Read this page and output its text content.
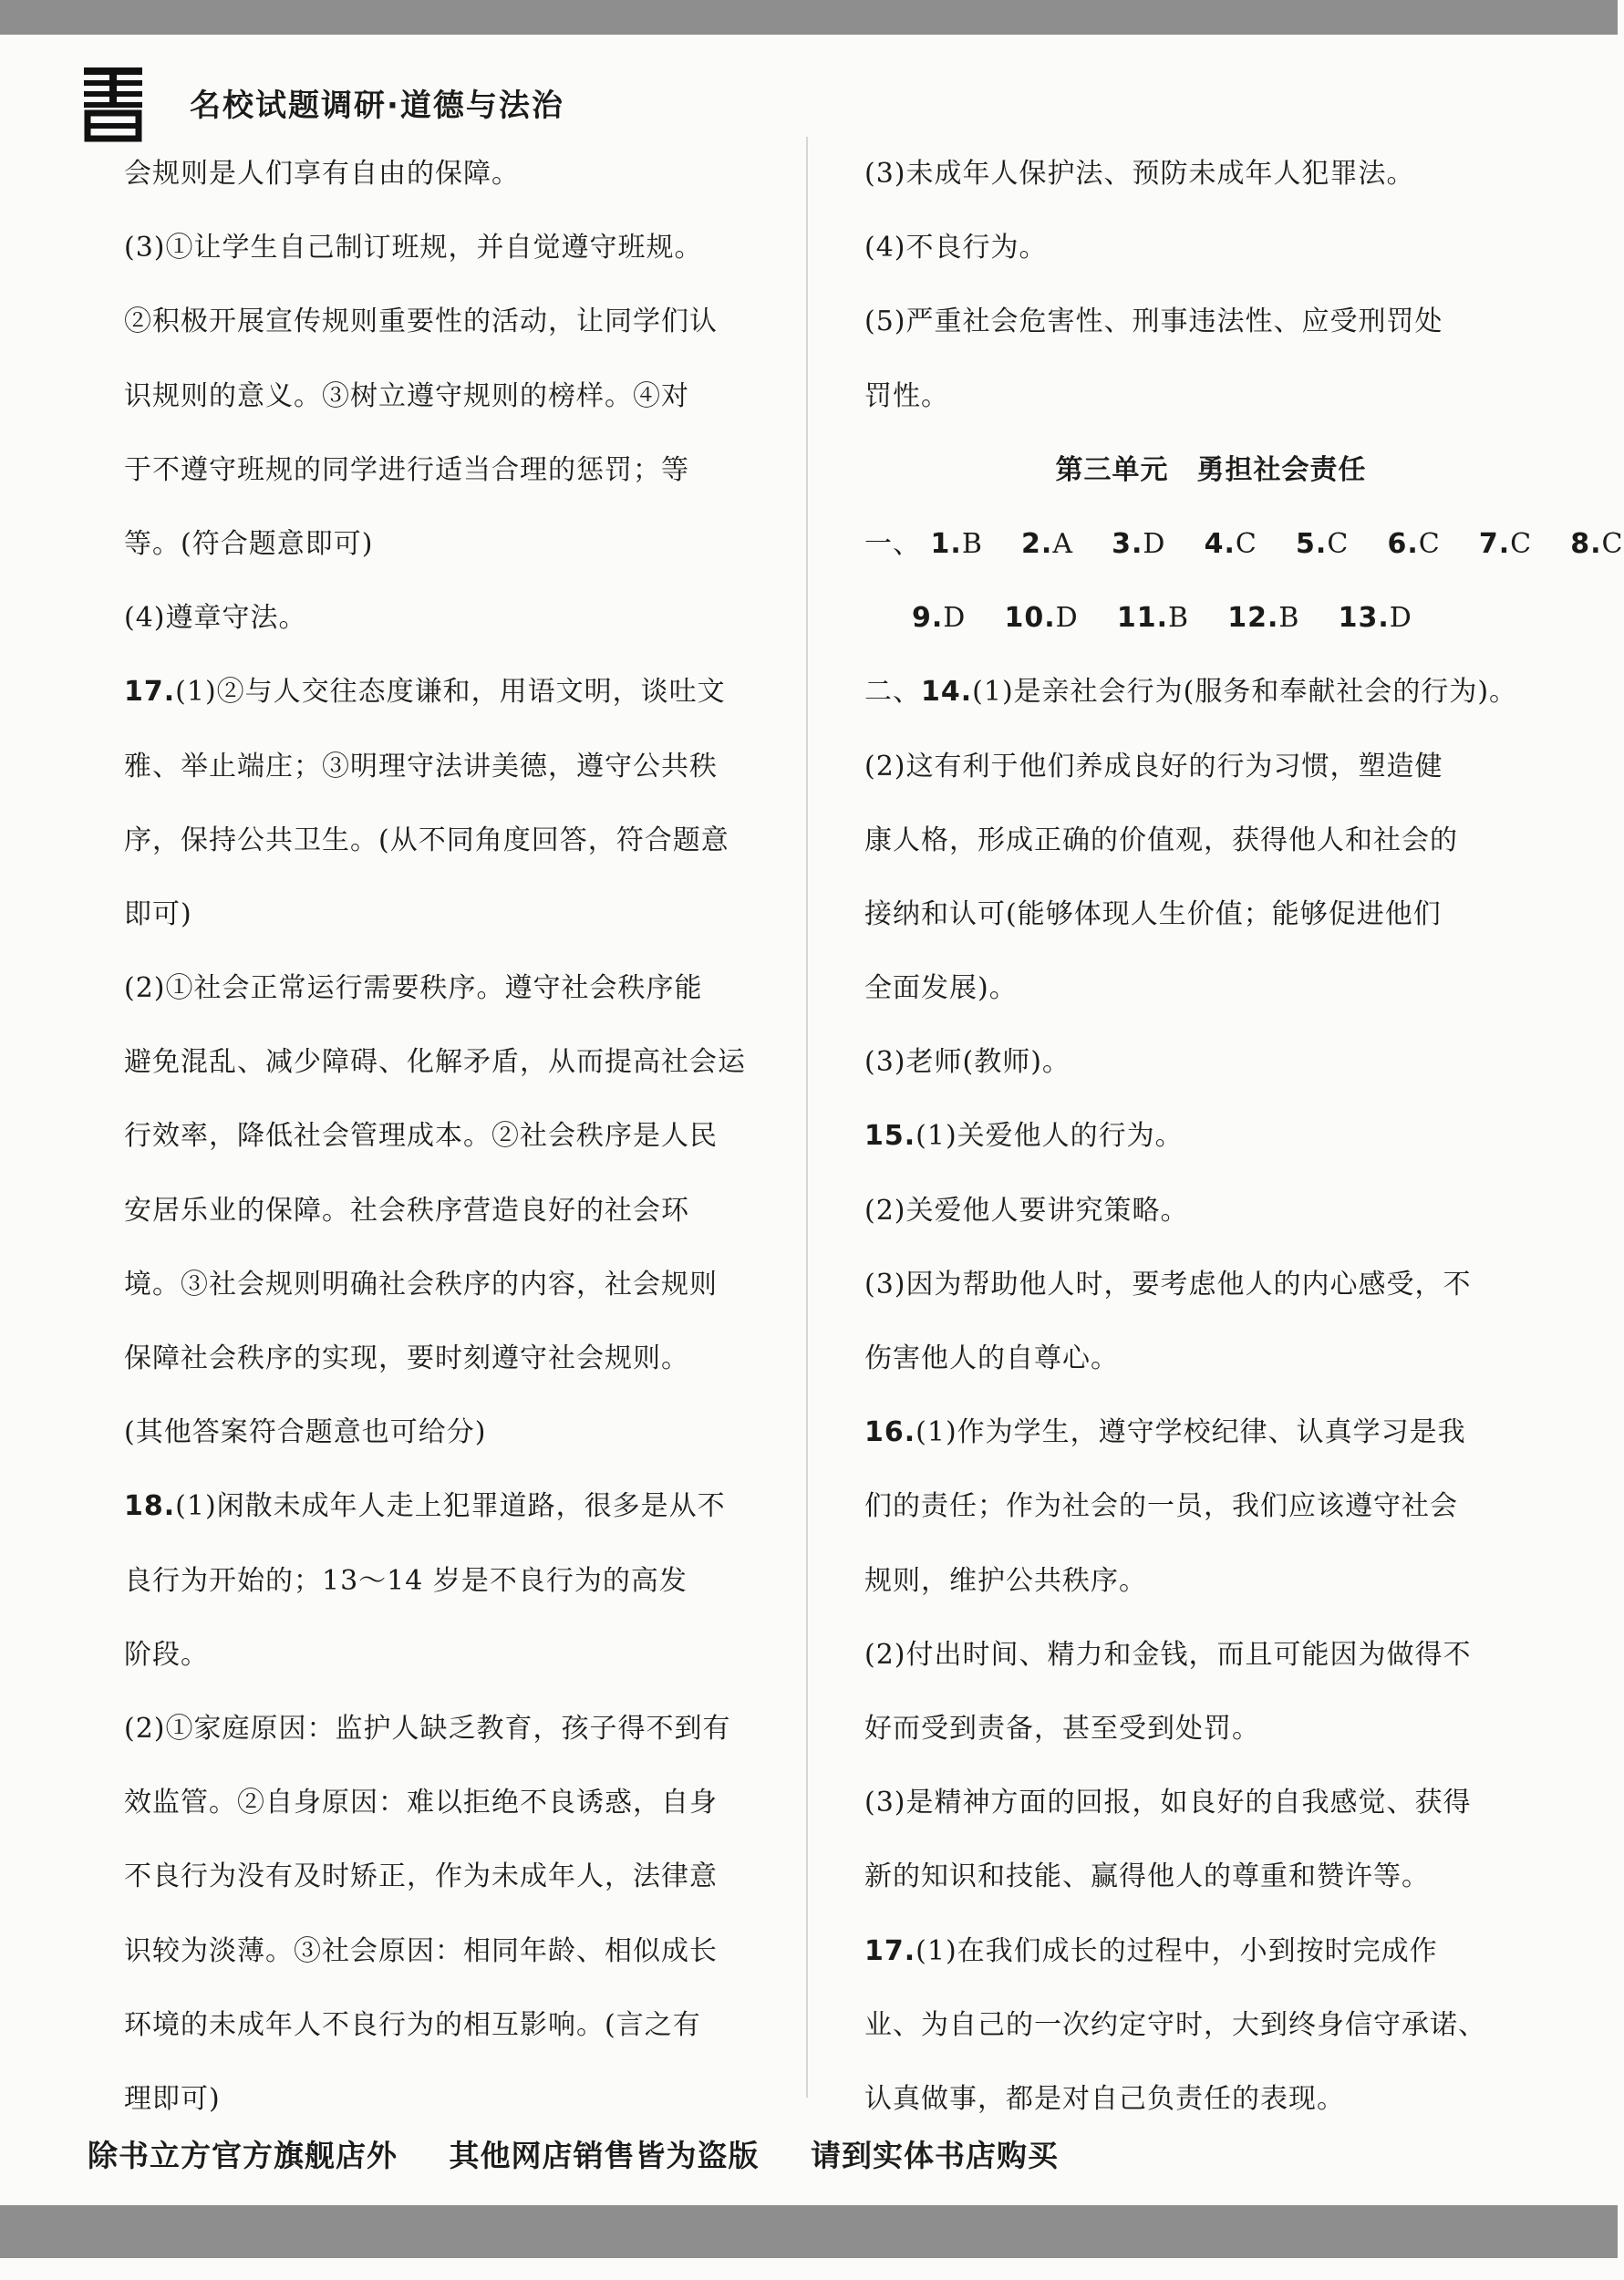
名校试题调研·道德与法治
会规则是人们享有自由的保障。
(3)①让学生自己制订班规，并自觉遵守班规。
②积极开展宣传规则重要性的活动，让同学们认
识规则的意义。③树立遵守规则的榜样。④对
于不遵守班规的同学进行适当合理的惩罚；等
等。(符合题意即可)
(4)遵章守法。
17.(1)②与人交往态度谦和，用语文明，谈吐文
雅、举止端庄；③明理守法讲美德，遵守公共秩
序，保持公共卫生。(从不同角度回答，符合题意
即可)
(2)①社会正常运行需要秩序。遵守社会秩序能
避免混乱、减少障碍、化解矛盾，从而提高社会运
行效率，降低社会管理成本。②社会秩序是人民
安居乐业的保障。社会秩序营造良好的社会环
境。③社会规则明确社会秩序的内容，社会规则
保障社会秩序的实现，要时刻遵守社会规则。
(其他答案符合题意也可给分)
18.(1)闲散未成年人走上犯罪道路，很多是从不
良行为开始的；13～14 岁是不良行为的高发
阶段。
(2)①家庭原因：监护人缺乏教育，孩子得不到有
效监管。②自身原因：难以拒绝不良诱惑，自身
不良行为没有及时矫正，作为未成年人，法律意
识较为淡薄。③社会原因：相同年龄、相似成长
环境的未成年人不良行为的相互影响。(言之有
理即可)
(3)未成年人保护法、预防未成年人犯罪法。
(4)不良行为。
(5)严重社会危害性、刑事违法性、应受刑罚处
罚性。
第三单元　勇担社会责任
一、 1.B 2.A 3.D 4.C 5.C 6.C 7.C 8.C
9.D 10.D 11.B 12.B 13.D
二、14.(1)是亲社会行为(服务和奉献社会的行为)。
(2)这有利于他们养成良好的行为习惯，塑造健
康人格，形成正确的价值观，获得他人和社会的
接纳和认可(能够体现人生价值；能够促进他们
全面发展)。
(3)老师(教师)。
15.(1)关爱他人的行为。
(2)关爱他人要讲究策略。
(3)因为帮助他人时，要考虑他人的内心感受，不
伤害他人的自尊心。
16.(1)作为学生，遵守学校纪律、认真学习是我
们的责任；作为社会的一员，我们应该遵守社会
规则，维护公共秩序。
(2)付出时间、精力和金钱，而且可能因为做得不
好而受到责备，甚至受到处罚。
(3)是精神方面的回报，如良好的自我感觉、获得
新的知识和技能、赢得他人的尊重和赞许等。
17.(1)在我们成长的过程中，小到按时完成作
业、为自己的一次约定守时，大到终身信守承诺、
认真做事，都是对自己负责任的表现。
除书立方官方旗舰店外 其他网店销售皆为盗版 请到实体书店购买
